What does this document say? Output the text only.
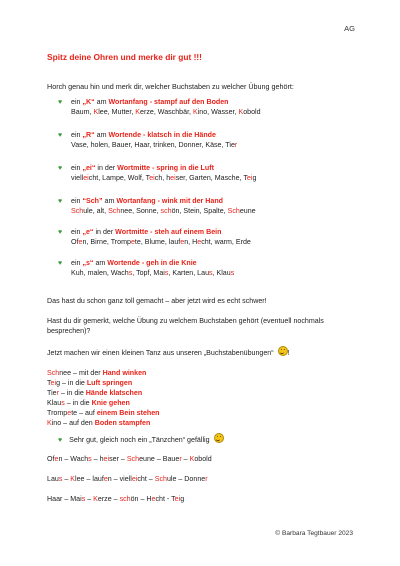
AG
Spitz deine Ohren und merke dir gut !!!
Horch genau hin und merk dir, welcher Buchstaben zu welcher Übung gehört:
♥ ein „K“ am Wortanfang - stampf auf den Boden
Baum, Klee, Mutter, Kerze, Waschbär, Kino, Wasser, Kobold
♥ ein „R“ am Wortende - klatsch in die Hände
Vase, holen, Bauer, Haar, trinken, Donner, Käse, Tier
♥ ein „ei“ in der Wortmitte - spring in die Luft
vielleicht, Lampe, Wolf, Teich, heiser, Garten, Masche, Teig
♥ ein “Sch” am Wortanfang - wink mit der Hand
Schule, alt, Schnee, Sonne, schön, Stein, Spalte, Scheune
♥ ein „e“ in der Wortmitte - steh auf einem Bein
Ofen, Birne, Trompete, Blume, laufen, Hecht, warm, Erde
♥ ein „s“ am Wortende - geh in die Knie
Kuh, malen, Wachs, Topf, Mais, Karten, Laus, Klaus
Das hast du schon ganz toll gemacht – aber jetzt wird es echt schwer!
Hast du dir gemerkt, welche Übung zu welchem Buchstaben gehört (eventuell nochmals besprechen)?
Jetzt machen wir einen kleinen Tanz aus unseren „Buchstabenübungen“ !
Schnee – mit der Hand winken
Teig – in die Luft springen
Tier – in die Hände klatschen
Klaus – in die Knie gehen
Trompete – auf einem Bein stehen
Kino – auf den Boden stampfen
♥ Sehr gut, gleich noch ein „Tänzchen“ gefällig
Ofen – Wachs – heiser – Scheune – Bauer – Kobold
Laus – Klee – laufen – vielleicht – Schule – Donner
Haar – Mais – Kerze – schön – Hecht - Teig
© Barbara Tegtbauer 2023
